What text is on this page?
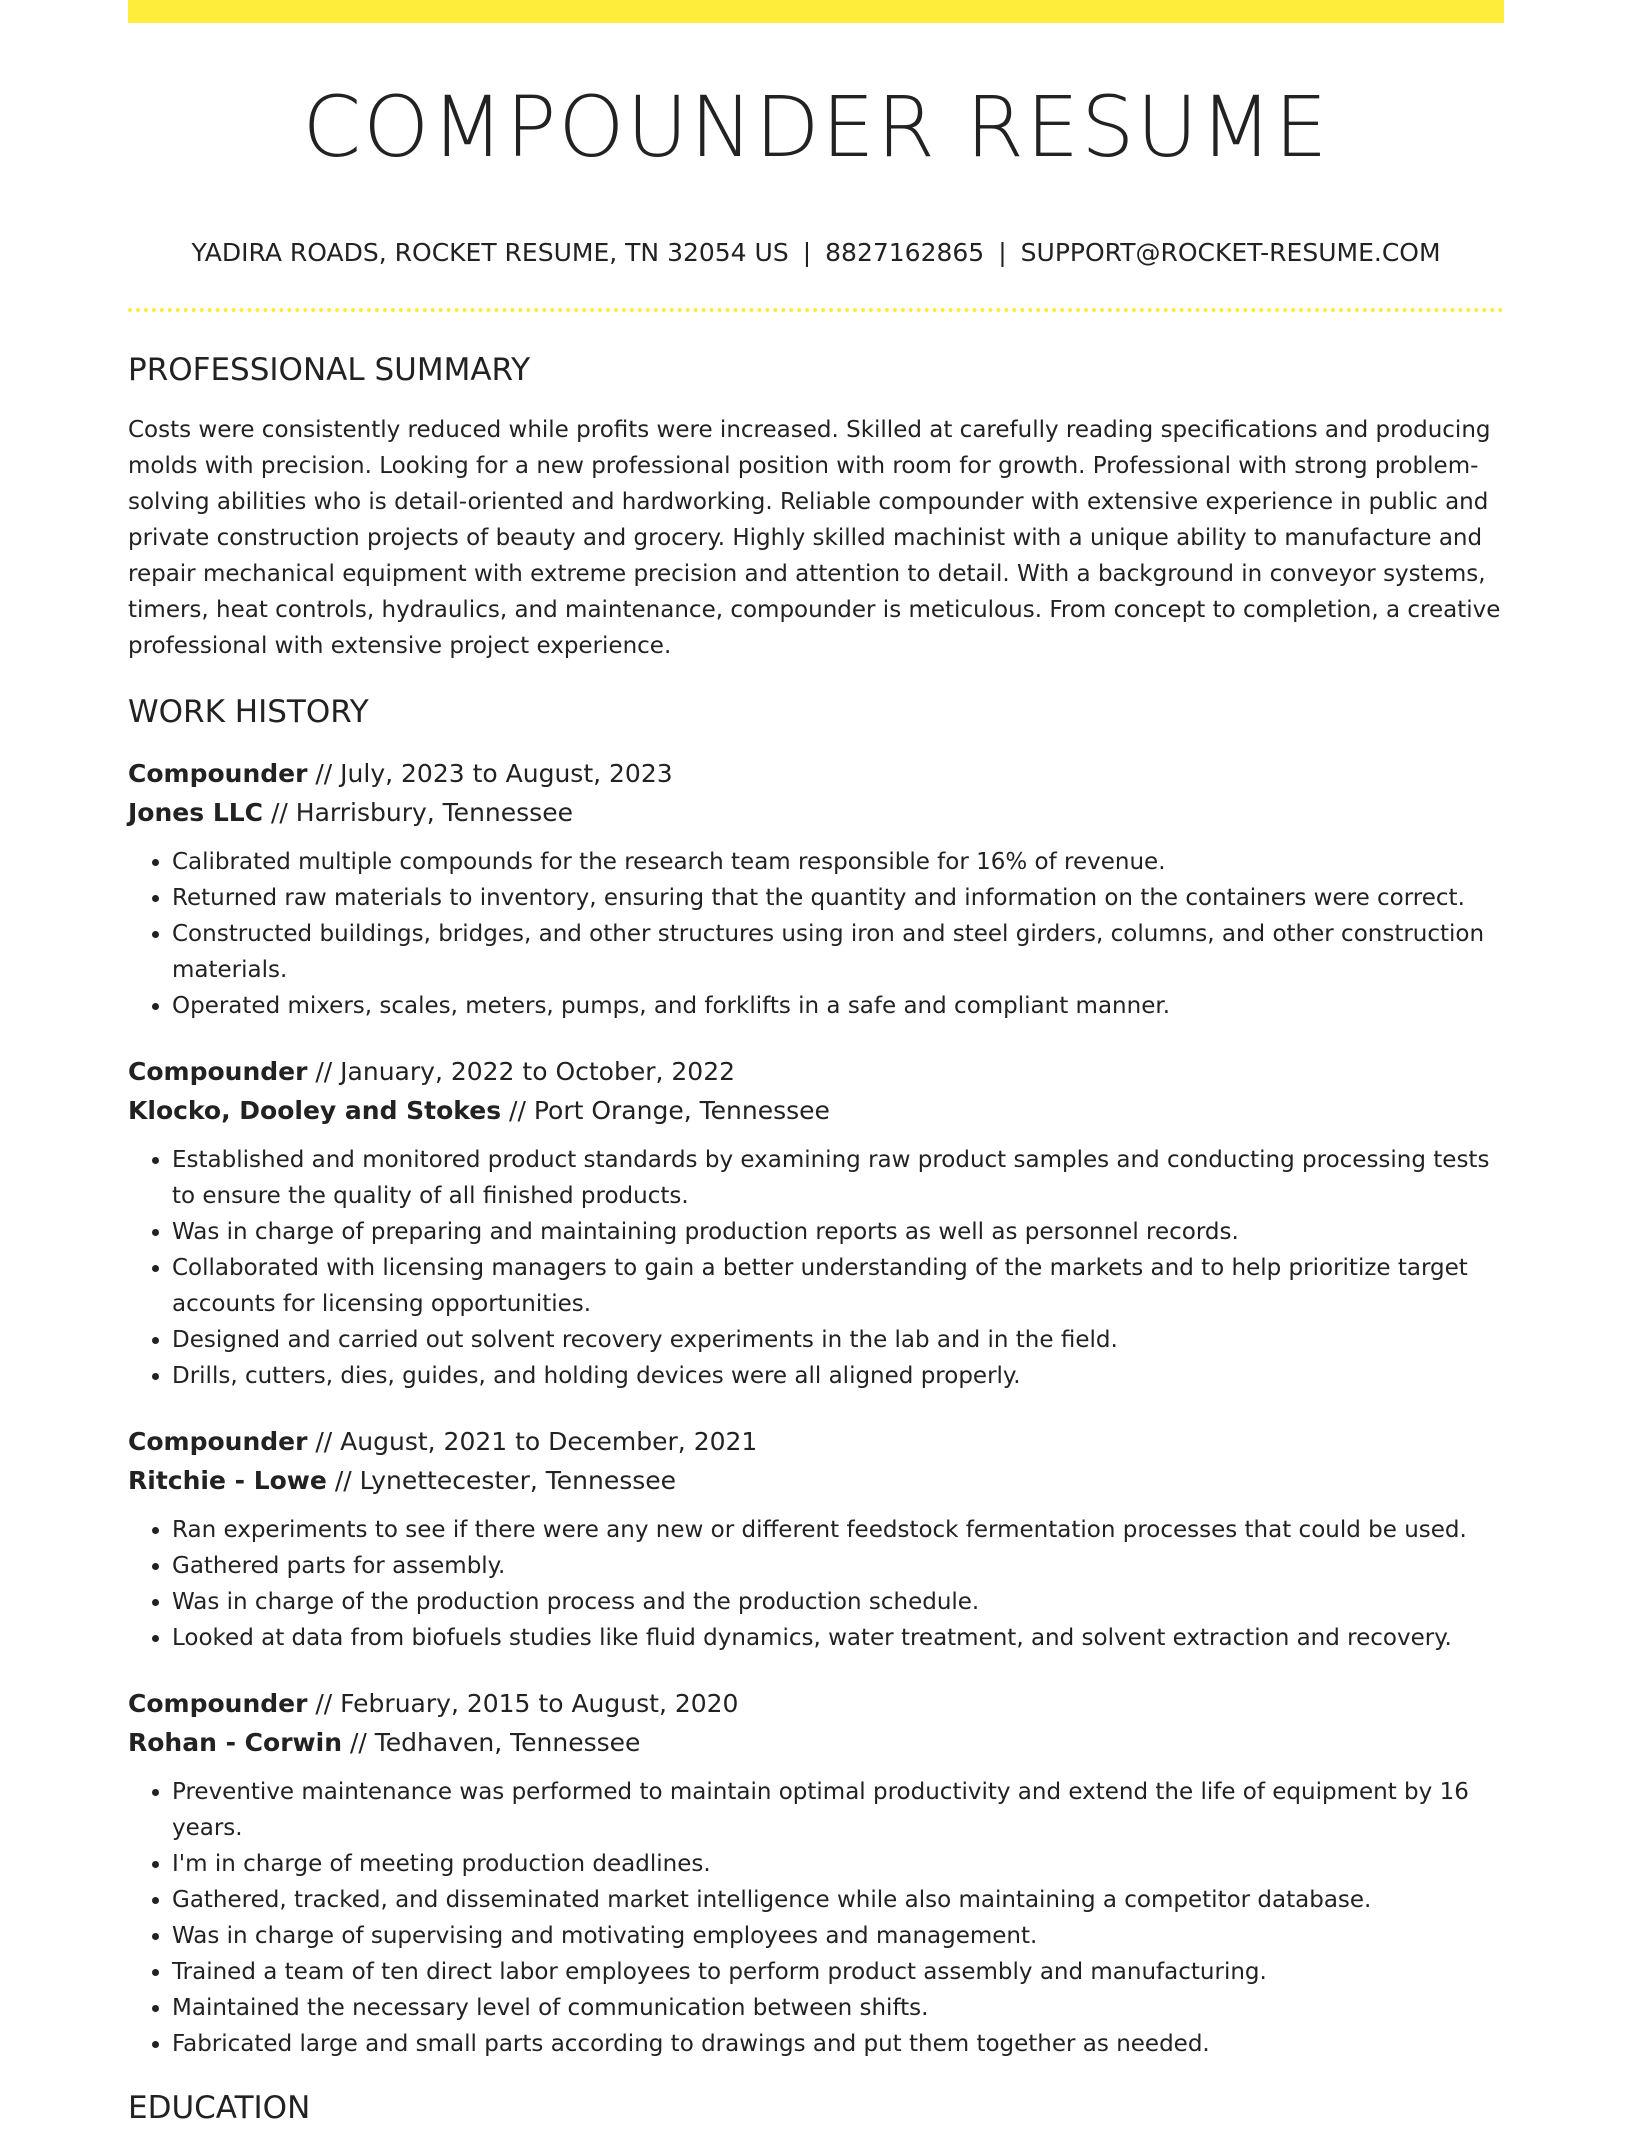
COMPOUNDER RESUME
YADIRA ROADS, ROCKET RESUME, TN 32054 US | 8827162865 | SUPPORT@ROCKET-RESUME.COM
PROFESSIONAL SUMMARY

Costs were consistently reduced while profits were increased. Skilled at carefully reading specifications and producing molds with precision. Looking for a new professional position with room for growth. Professional with strong problem-solving abilities who is detail-oriented and hardworking. Reliable compounder with extensive experience in public and private construction projects of beauty and grocery. Highly skilled machinist with a unique ability to manufacture and repair mechanical equipment with extreme precision and attention to detail. With a background in conveyor systems, timers, heat controls, hydraulics, and maintenance, compounder is meticulous. From concept to completion, a creative professional with extensive project experience.

WORK HISTORY
Compounder // July, 2023 to August, 2023
Jones LLC // Harrisbury, Tennessee
• Calibrated multiple compounds for the research team responsible for 16% of revenue.
• Returned raw materials to inventory, ensuring that the quantity and information on the containers were correct.
• Constructed buildings, bridges, and other structures using iron and steel girders, columns, and other construction materials.
• Operated mixers, scales, meters, pumps, and forklifts in a safe and compliant manner.
Compounder // January, 2022 to October, 2022
Klocko, Dooley and Stokes // Port Orange, Tennessee
• Established and monitored product standards by examining raw product samples and conducting processing tests to ensure the quality of all finished products.
• Was in charge of preparing and maintaining production reports as well as personnel records.
• Collaborated with licensing managers to gain a better understanding of the markets and to help prioritize target accounts for licensing opportunities.
• Designed and carried out solvent recovery experiments in the lab and in the field.
• Drills, cutters, dies, guides, and holding devices were all aligned properly.
Compounder // August, 2021 to December, 2021
Ritchie - Lowe // Lynettecester, Tennessee
• Ran experiments to see if there were any new or different feedstock fermentation processes that could be used.
• Gathered parts for assembly.
• Was in charge of the production process and the production schedule.
• Looked at data from biofuels studies like fluid dynamics, water treatment, and solvent extraction and recovery.
Compounder // February, 2015 to August, 2020
Rohan - Corwin // Tedhaven, Tennessee
• Preventive maintenance was performed to maintain optimal productivity and extend the life of equipment by 16 years.
• I'm in charge of meeting production deadlines.
• Gathered, tracked, and disseminated market intelligence while also maintaining a competitor database.
• Was in charge of supervising and motivating employees and management.
• Trained a team of ten direct labor employees to perform product assembly and manufacturing.
• Maintained the necessary level of communication between shifts.
• Fabricated large and small parts according to drawings and put them together as needed.
EDUCATION
